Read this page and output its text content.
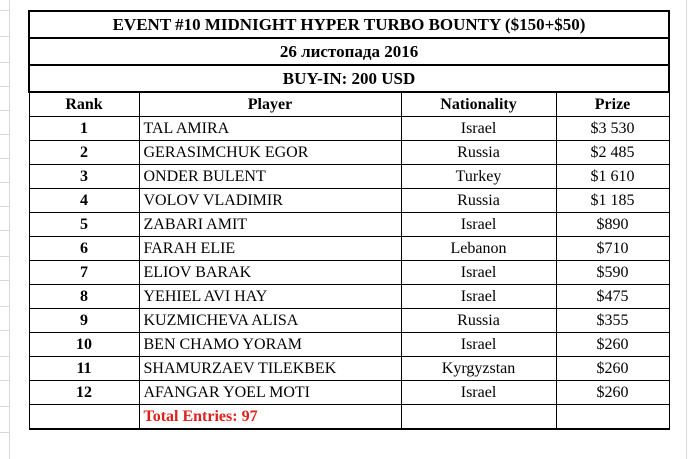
EVENT #10 MIDNIGHT HYPER TURBO BOUNTY ($150+$50)			
26 листопада 2016			
BUY-IN: 200 USD			
Rank	Player	Nationality	Prize
1	TAL AMIRA	Israel	$3 530
2	GERASIMCHUK EGOR	Russia	$2 485
3	ONDER BULENT	Turkey	$1 610
4	VOLOV VLADIMIR	Russia	$1 185
5	ZABARI AMIT	Israel	$890
6	FARAH ELIE	Lebanon	$710
7	ELIOV BARAK	Israel	$590
8	YEHIEL AVI HAY	Israel	$475
9	KUZMICHEVA ALISA	Russia	$355
10	BEN CHAMO YORAM	Israel	$260
11	SHAMURZAEV TILEKBEK	Kyrgyzstan	$260
12	AFANGAR YOEL MOTI	Israel	$260
	Total Entries: 97		
